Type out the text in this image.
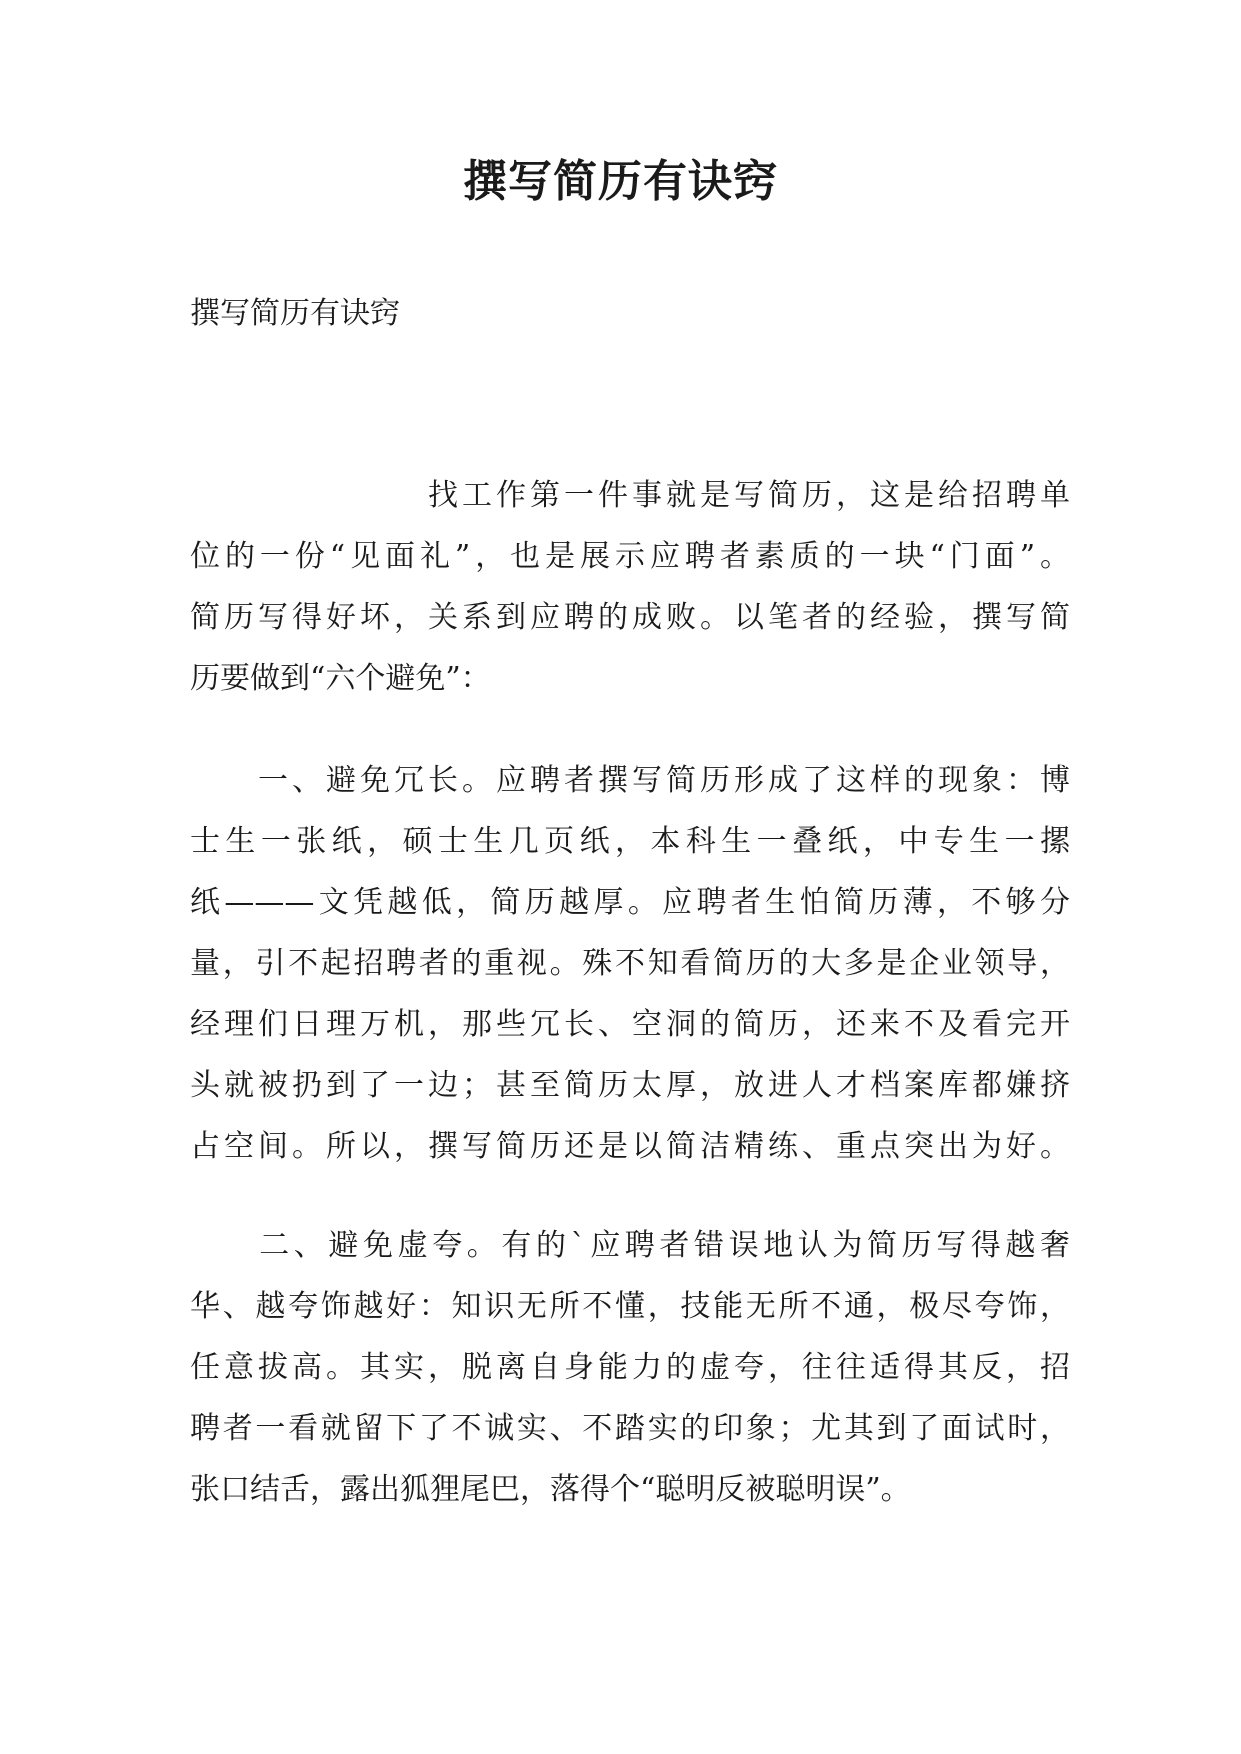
撰写简历有诀窍

撰写简历有诀窍

　　　　　　　找工作第一件事就是写简历，这是给招聘单
位的一份“见面礼”，也是展示应聘者素质的一块“门面”。
简历写得好坏，关系到应聘的成败。以笔者的经验，撰写简
历要做到“六个避免”：

　　一、避免冗长。应聘者撰写简历形成了这样的现象：博
士生一张纸，硕士生几页纸，本科生一叠纸，中专生一摞
纸———文凭越低，简历越厚。应聘者生怕简历薄，不够分
量，引不起招聘者的重视。殊不知看简历的大多是企业领导，
经理们日理万机，那些冗长、空洞的简历，还来不及看完开
头就被扔到了一边；甚至简历太厚，放进人才档案库都嫌挤
占空间。所以，撰写简历还是以简洁精练、重点突出为好。

　　二、避免虚夸。有的`应聘者错误地认为简历写得越奢
华、越夸饰越好：知识无所不懂，技能无所不通，极尽夸饰，
任意拔高。其实，脱离自身能力的虚夸，往往适得其反，招
聘者一看就留下了不诚实、不踏实的印象；尤其到了面试时，
张口结舌，露出狐狸尾巴，落得个“聪明反被聪明误”。
